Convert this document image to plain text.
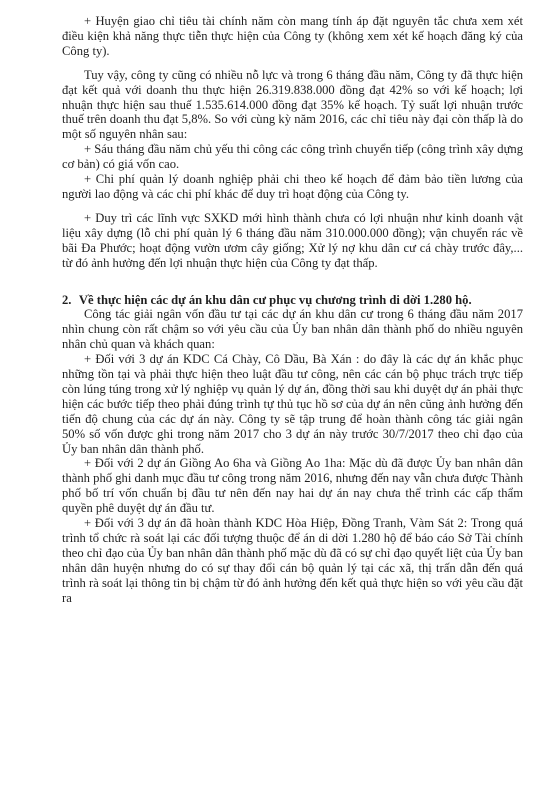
+ Huyện giao chỉ tiêu tài chính năm còn mang tính áp đặt nguyên tắc chưa xem xét điều kiện khả năng thực tiễn thực hiện của Công ty (không xem xét kế hoạch đăng ký của Công ty).

Tuy vậy, công ty cũng có nhiều nỗ lực và trong 6 tháng đầu năm, Công ty đã thực hiện đạt kết quả với doanh thu thực hiện 26.319.838.000 đồng đạt 42% so với kế hoạch; lợi nhuận thực hiện sau thuế 1.535.614.000 đồng đạt 35% kế hoạch. Tỷ suất lợi nhuận trước thuế trên doanh thu đạt 5,8%. So với cùng kỳ năm 2016, các chỉ tiêu này đại còn thấp là do một số nguyên nhân sau:

+ Sáu tháng đầu năm chủ yếu thi công các công trình chuyển tiếp (công trình xây dựng cơ bản) có giá vốn cao.

+ Chi phí quản lý doanh nghiệp phải chi theo kế hoạch để đảm bảo tiền lương của người lao động và các chi phí khác để duy trì hoạt động của Công ty.

+ Duy trì các lĩnh vực SXKD mới hình thành chưa có lợi nhuận như kinh doanh vật liệu xây dựng (lỗ chi phí quản lý 6 tháng đầu năm 310.000.000 đồng); vận chuyển rác về bãi Đa Phước; hoạt động vườn ươm cây giống; Xử lý nợ khu dân cư cá chày trước đây,... từ đó ảnh hưởng đến lợi nhuận thực hiện của Công ty đạt thấp.

2. Về thực hiện các dự án khu dân cư phục vụ chương trình di dời 1.280 hộ.

Công tác giải ngân vốn đầu tư tại các dự án khu dân cư trong 6 tháng đầu năm 2017 nhìn chung còn rất chậm so với yêu cầu của Ủy ban nhân dân thành phố do nhiều nguyên nhân chủ quan và khách quan:

+ Đối với 3 dự án KDC Cá Chày, Cô Dầu, Bà Xán : do đây là các dự án khắc phục những tồn tại và phải thực hiện theo luật đầu tư công, nên các cán bộ phục trách trực tiếp còn lúng túng trong xử lý nghiệp vụ quản lý dự án, đồng thời sau khi duyệt dự án phải thực hiện các bước tiếp theo phải đúng trình tự thủ tục hồ sơ của dự án nên cũng ảnh hưởng đến tiến độ chung của các dự án này. Công ty sẽ tập trung để hoàn thành công tác giải ngân 50% số vốn được ghi trong năm 2017 cho 3 dự án này trước 30/7/2017 theo chỉ đạo của Ủy ban nhân dân thành phố.

+ Đối với 2 dự án Giồng Ao 6ha và Giồng Ao 1ha: Mặc dù đã được Ủy ban nhân dân thành phố ghi danh mục đầu tư công trong năm 2016, nhưng đến nay vẫn chưa được Thành phố bố trí vốn chuẩn bị đầu tư nên đến nay hai dự án nay chưa thể trình các cấp thẩm quyền phê duyệt dự án đầu tư.

+ Đối với 3 dự án đã hoàn thành KDC Hòa Hiệp, Đồng Tranh, Vàm Sát 2: Trong quá trình tổ chức rà soát lại các đối tượng thuộc để án di dời 1.280 hộ để báo cáo Sở Tài chính theo chỉ đạo của Ủy ban nhân dân thành phố mặc dù đã có sự chỉ đạo quyết liệt của Ủy ban nhân dân huyện nhưng do có sự thay đổi cán bộ quản lý tại các xã, thị trấn dẫn đến quá trình rà soát lại thông tin bị chậm từ đó ảnh hưởng đến kết quả thực hiện so với yêu cầu đặt ra
